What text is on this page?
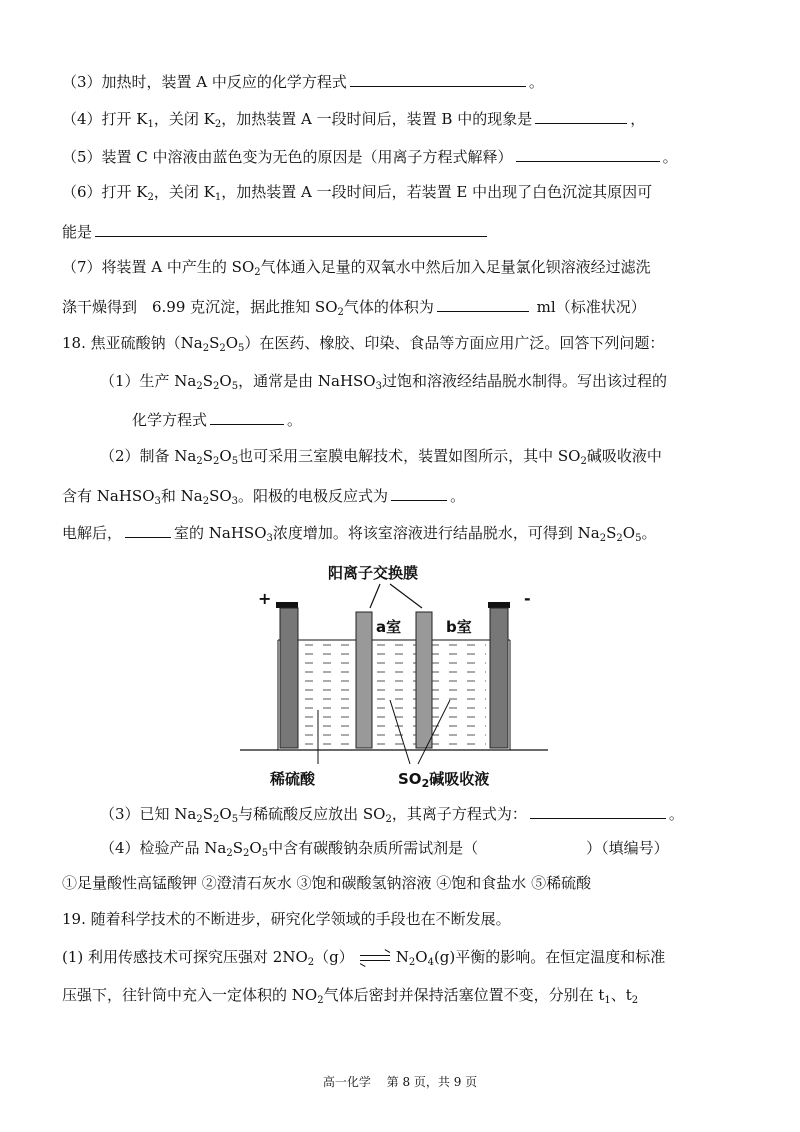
（3）加热时，装置 A 中反应的化学方程式	。
（4）打开 $K_1$，关闭 $K_2$，加热装置 A 一段时间后，装置 B 中的现象是	，
（5）装置 C 中溶液由蓝色变为无色的原因是（用离子方程式解释）	。
（6）打开 $K_2$，关闭 $K_1$，加热装置 A 一段时间后，若装置 E 中出现了白色沉淀其原因可
能是
（7）将装置 A 中产生的 $SO_2$气体通入足量的双氧水中然后加入足量氯化钡溶液经过滤洗
涤干燥得到　6.99 克沉淀，据此推知 $SO_2$气体的体积为	ml（标准状况）
18. 焦亚硫酸钠$(Na_2S_2O_5)$在医药、橡胶、印染、食品等方面应用广泛。回答下列问题：
（1）生产 $Na_2S_2O_5$，通常是由 NaHSO$_3$过饱和溶液经结晶脱水制得。写出该过程的
化学方程式	。
（2）制备 $Na_2S_2O_5$也可采用三室膜电解技术，装置如图所示，其中 $SO_2$碱吸收液中
含有 NaHSO$_3$和 $Na_2SO_3$。阳极的电极反应式为	。
电解后，	室的 NaHSO$_3$浓度增加。将该室溶液进行结晶脱水，可得到 $Na_2S_2O_5$。
阳离子交换膜
+	-
a室	b室
稀硫酸	$SO_2$碱吸收液
（3）已知 $Na_2S_2O_5$与稀硫酸反应放出 $SO_2$，其离子方程式为：	。
（4）检验产品 $Na_2S_2O_5$中含有碳酸钠杂质所需试剂是（	）（填编号）
①足量酸性高锰酸钾 ②澄清石灰水 ③饱和碳酸氢钠溶液 ④饱和食盐水 ⑤稀硫酸
19. 随着科学技术的不断进步，研究化学领域的手段也在不断发展。
(1) 利用传感技术可探究压强对 $2NO_2(g)$	$N_2O_4(g)$平衡的影响。在恒定温度和标准
压强下，往针筒中充入一定体积的 $NO_2$气体后密封并保持活塞位置不变，分别在 $t_1$、$t_2$
高一化学　 第 8 页，共 9 页
